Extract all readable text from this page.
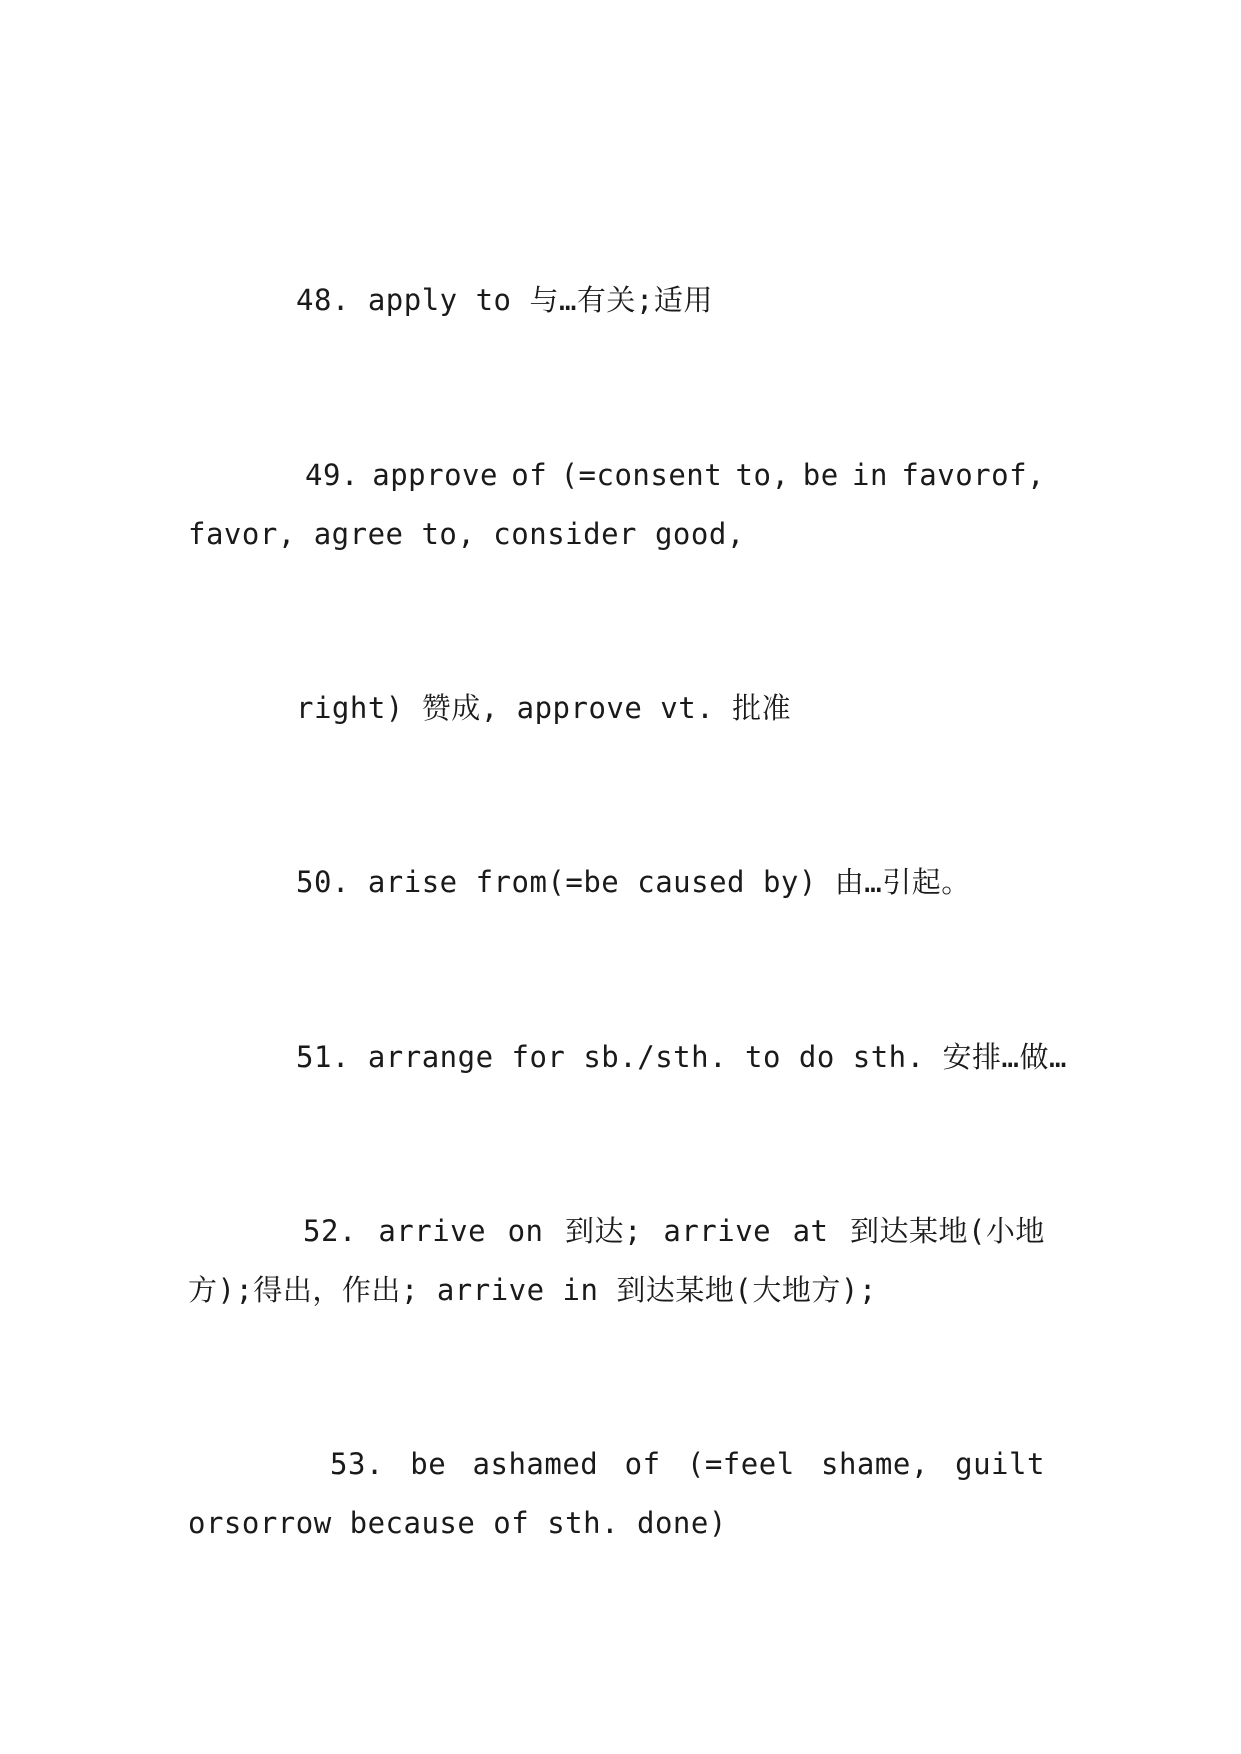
48. apply to 与…有关;适用
49. approve of (=consent to, be in favorof,
favor, agree to, consider good,
right) 赞成, approve vt. 批准
50. arise from(=be caused by) 由…引起。
51. arrange for sb./sth. to do sth. 安排…做…
52. arrive on 到达; arrive at 到达某地(小地
方);得出，作出; arrive in 到达某地(大地方);
53. be ashamed of (=feel shame, guilt
orsorrow because of sth. done)
